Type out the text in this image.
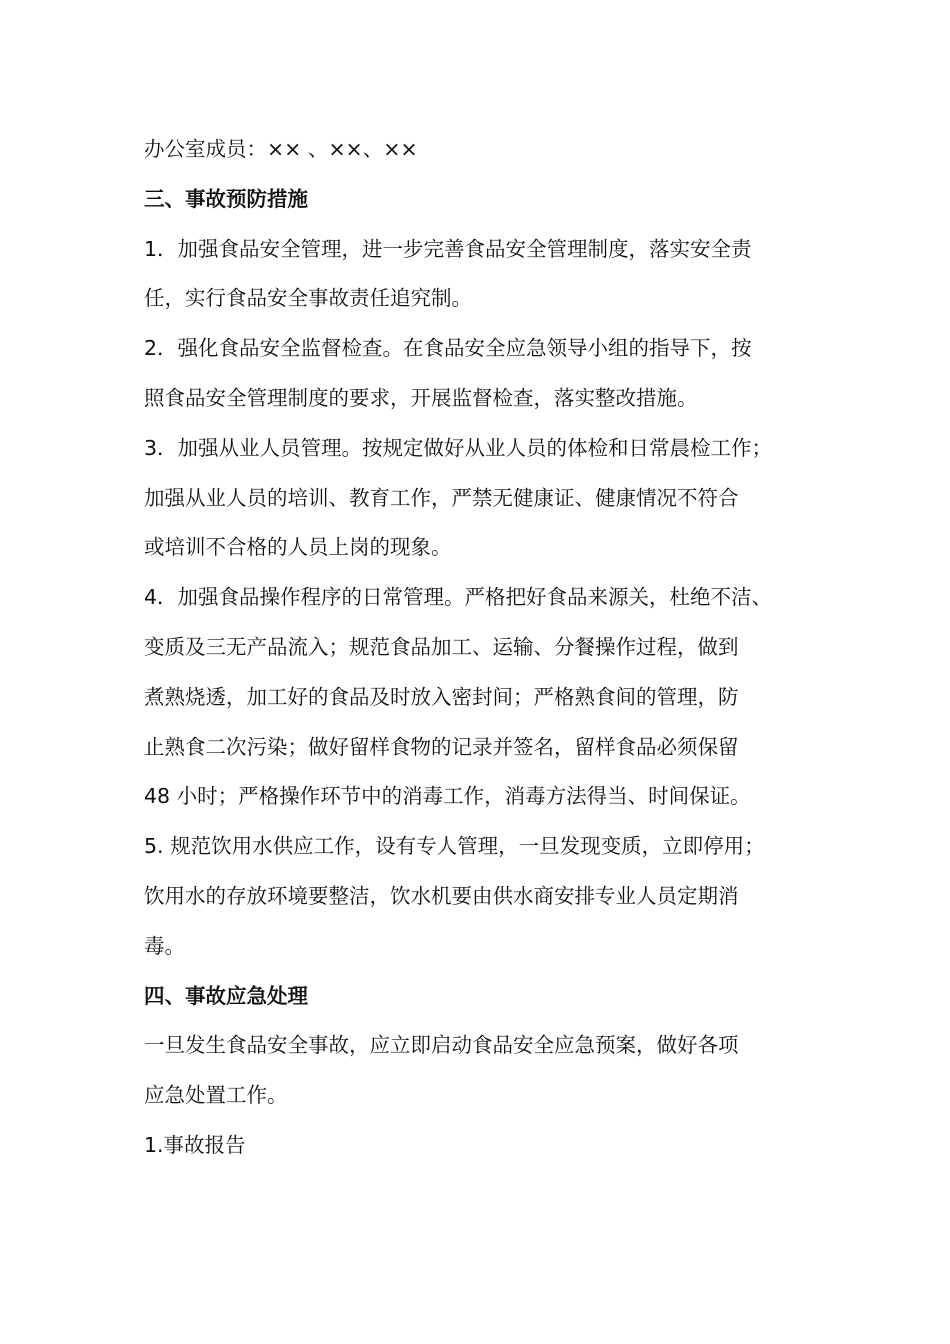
办公室成员：×× 、××、××
三、事故预防措施
1．加强食品安全管理，进一步完善食品安全管理制度，落实安全责
任，实行食品安全事故责任追究制。
2．强化食品安全监督检查。在食品安全应急领导小组的指导下，按
照食品安全管理制度的要求，开展监督检查，落实整改措施。
3．加强从业人员管理。按规定做好从业人员的体检和日常晨检工作；
加强从业人员的培训、教育工作，严禁无健康证、健康情况不符合
或培训不合格的人员上岗的现象。
4．加强食品操作程序的日常管理。严格把好食品来源关，杜绝不洁、
变质及三无产品流入；规范食品加工、运输、分餐操作过程，做到
煮熟烧透，加工好的食品及时放入密封间；严格熟食间的管理，防
止熟食二次污染；做好留样食物的记录并签名，留样食品必须保留
48 小时；严格操作环节中的消毒工作，消毒方法得当、时间保证。
5. 规范饮用水供应工作，设有专人管理，一旦发现变质，立即停用；
饮用水的存放环境要整洁，饮水机要由供水商安排专业人员定期消
毒。
四、事故应急处理
一旦发生食品安全事故，应立即启动食品安全应急预案，做好各项
应急处置工作。
1.事故报告
